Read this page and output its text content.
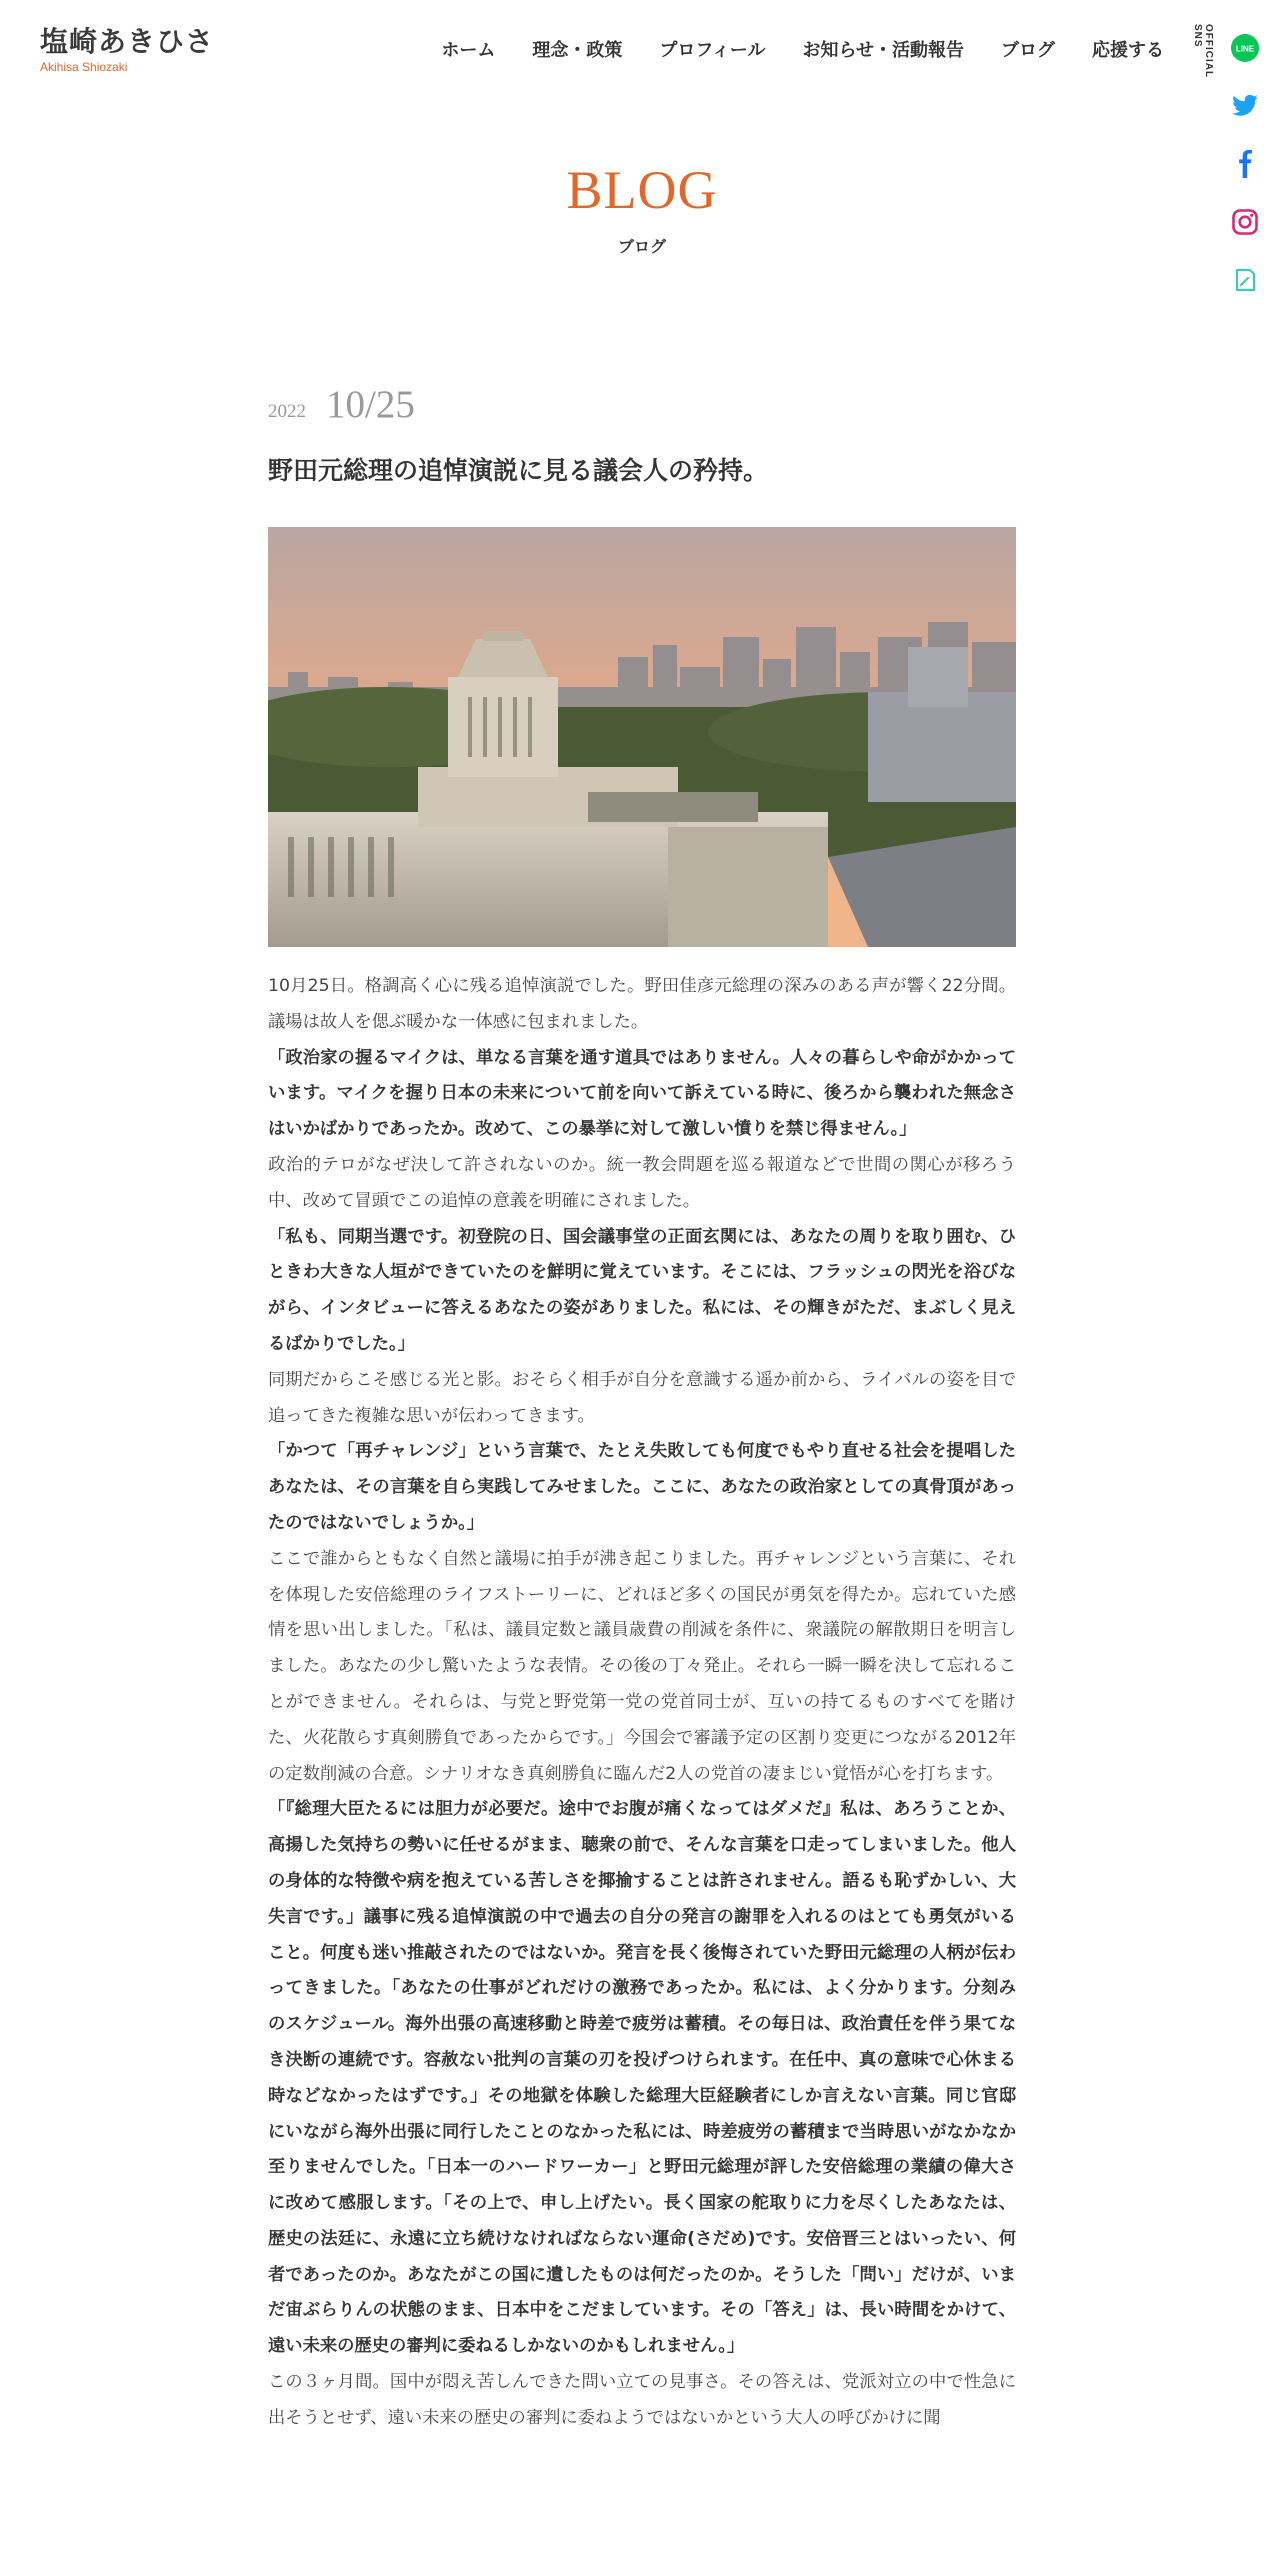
塩崎あきひさ
Akihisa Shiozaki
ホーム 理念・政策 プロフィール お知らせ・活動報告 ブログ 応援する	OFFICIAL SNS
LINE
BLOG
ブログ
2022 10/25
野田元総理の追悼演説に見る議会人の矜持。

10月25日。格調高く心に残る追悼演説でした。野田佳彦元総理の深みのある声が響く22分間。議場は故人を偲ぶ暖かな一体感に包まれました。

「政治家の握るマイクは、単なる言葉を通す道具ではありません。人々の暮らしや命がかかっています。マイクを握り日本の未来について前を向いて訴えている時に、後ろから襲われた無念さはいかばかりであったか。改めて、この暴挙に対して激しい憤りを禁じ得ません。」

政治的テロがなぜ決して許されないのか。統一教会問題を巡る報道などで世間の関心が移ろう中、改めて冒頭でこの追悼の意義を明確にされました。

「私も、同期当選です。初登院の日、国会議事堂の正面玄関には、あなたの周りを取り囲む、ひときわ大きな人垣ができていたのを鮮明に覚えています。そこには、フラッシュの閃光を浴びながら、インタビューに答えるあなたの姿がありました。私には、その輝きがただ、まぶしく見えるばかりでした。」

同期だからこそ感じる光と影。おそらく相手が自分を意識する遥か前から、ライバルの姿を目で追ってきた複雑な思いが伝わってきます。

「かつて「再チャレンジ」という言葉で、たとえ失敗しても何度でもやり直せる社会を提唱したあなたは、その言葉を自ら実践してみせました。ここに、あなたの政治家としての真骨頂があったのではないでしょうか。」

ここで誰からともなく自然と議場に拍手が沸き起こりました。再チャレンジという言葉に、それを体現した安倍総理のライフストーリーに、どれほど多くの国民が勇気を得たか。忘れていた感情を思い出しました。「私は、議員定数と議員歳費の削減を条件に、衆議院の解散期日を明言しました。あなたの少し驚いたような表情。その後の丁々発止。それら一瞬一瞬を決して忘れることができません。それらは、与党と野党第一党の党首同士が、互いの持てるものすべてを賭けた、火花散らす真剣勝負であったからです。」今国会で審議予定の区割り変更につながる2012年の定数削減の合意。シナリオなき真剣勝負に臨んだ2人の党首の凄まじい覚悟が心を打ちます。

「『総理大臣たるには胆力が必要だ。途中でお腹が痛くなってはダメだ』私は、あろうことか、高揚した気持ちの勢いに任せるがまま、聴衆の前で、そんな言葉を口走ってしまいました。他人の身体的な特徴や病を抱えている苦しさを揶揄することは許されません。語るも恥ずかしい、大失言です。」議事に残る追悼演説の中で過去の自分の発言の謝罪を入れるのはとても勇気がいること。何度も迷い推敲されたのではないか。発言を長く後悔されていた野田元総理の人柄が伝わってきました。「あなたの仕事がどれだけの激務であったか。私には、よく分かります。分刻みのスケジュール。海外出張の高速移動と時差で疲労は蓄積。その毎日は、政治責任を伴う果てなき決断の連続です。容赦ない批判の言葉の刃を投げつけられます。在任中、真の意味で心休まる時などなかったはずです。」その地獄を体験した総理大臣経験者にしか言えない言葉。同じ官邸にいながら海外出張に同行したことのなかった私には、時差疲労の蓄積まで当時思いがなかなか至りませんでした。「日本一のハードワーカー」と野田元総理が評した安倍総理の業績の偉大さに改めて感服します。「その上で、申し上げたい。長く国家の舵取りに力を尽くしたあなたは、歴史の法廷に、永遠に立ち続けなければならない運命(さだめ)です。安倍晋三とはいったい、何者であったのか。あなたがこの国に遺したものは何だったのか。そうした「問い」だけが、いまだ宙ぶらりんの状態のまま、日本中をこだましています。その「答え」は、長い時間をかけて、遠い未来の歴史の審判に委ねるしかないのかもしれません。」

この３ヶ月間。国中が悶え苦しんできた問い立ての見事さ。その答えは、党派対立の中で性急に出そうとせず、遠い未来の歴史の審判に委ねようではないかという大人の呼びかけに聞
